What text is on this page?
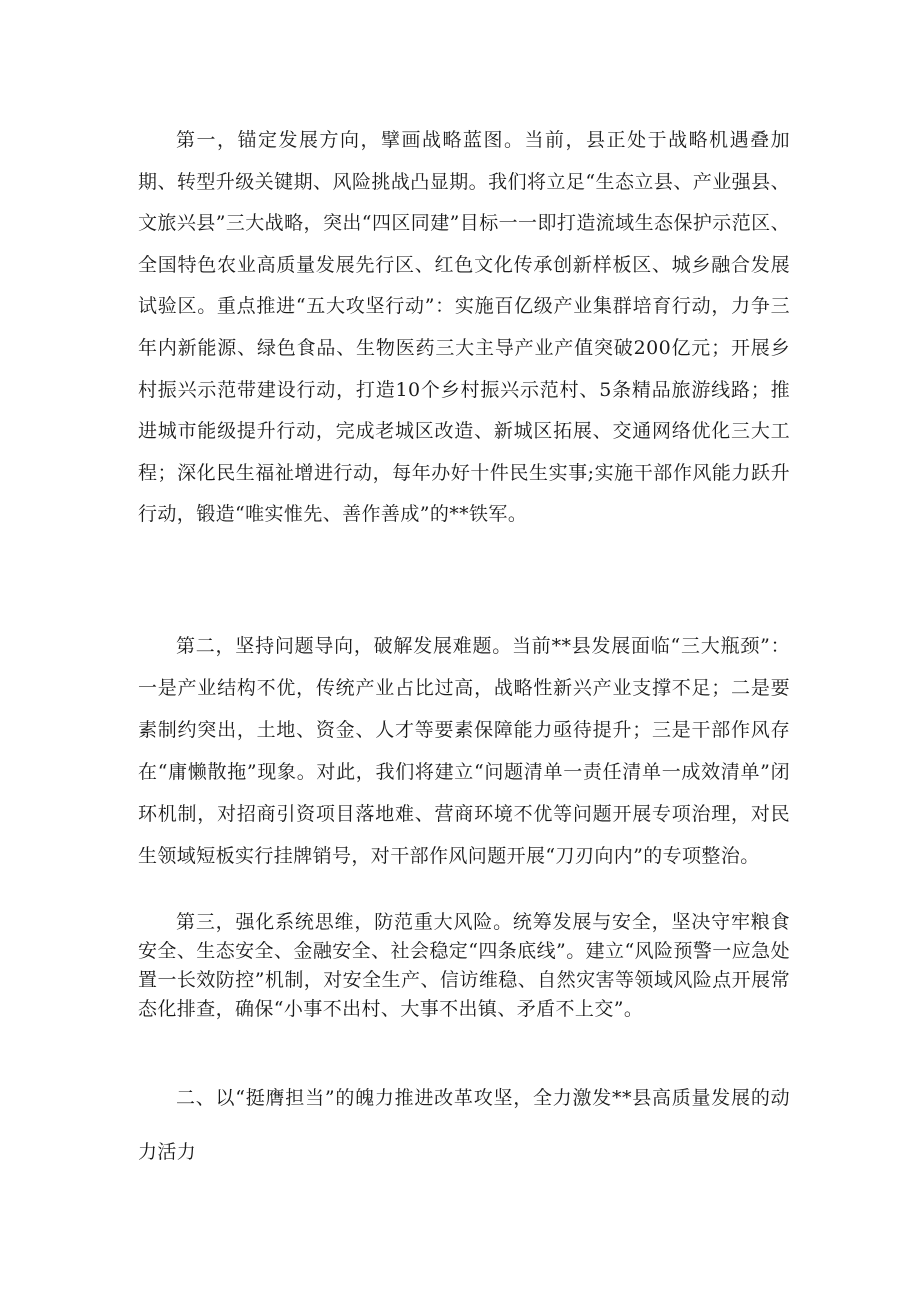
第一，锚定发展方向，擘画战略蓝图。当前，县正处于战略机遇叠加期、转型升级关键期、风险挑战凸显期。我们将立足“生态立县、产业强县、文旅兴县”三大战略，突出“四区同建”目标一一即打造流域生态保护示范区、全国特色农业高质量发展先行区、红色文化传承创新样板区、城乡融合发展试验区。重点推进“五大攻坚行动”：实施百亿级产业集群培育行动，力争三年内新能源、绿色食品、生物医药三大主导产业产值突破200亿元；开展乡村振兴示范带建设行动，打造10个乡村振兴示范村、5条精品旅游线路；推进城市能级提升行动，完成老城区改造、新城区拓展、交通网络优化三大工程；深化民生福祉增进行动，每年办好十件民生实事;实施干部作风能力跃升行动，锻造“唯实惟先、善作善成”的**铁军。

第二，坚持问题导向，破解发展难题。当前**县发展面临“三大瓶颈”：一是产业结构不优，传统产业占比过高，战略性新兴产业支撑不足；二是要素制约突出，土地、资金、人才等要素保障能力亟待提升；三是干部作风存在“庸懒散拖”现象。对此，我们将建立“问题清单一责任清单一成效清单”闭环机制，对招商引资项目落地难、营商环境不优等问题开展专项治理，对民生领域短板实行挂牌销号，对干部作风问题开展“刀刃向内”的专项整治。

第三，强化系统思维，防范重大风险。统筹发展与安全，坚决守牢粮食安全、生态安全、金融安全、社会稳定“四条底线”。建立“风险预警一应急处置一长效防控”机制，对安全生产、信访维稳、自然灾害等领域风险点开展常态化排查，确保“小事不出村、大事不出镇、矛盾不上交”。

二、以“挺膺担当”的魄力推进改革攻坚，全力激发**县高质量发展的动力活力
